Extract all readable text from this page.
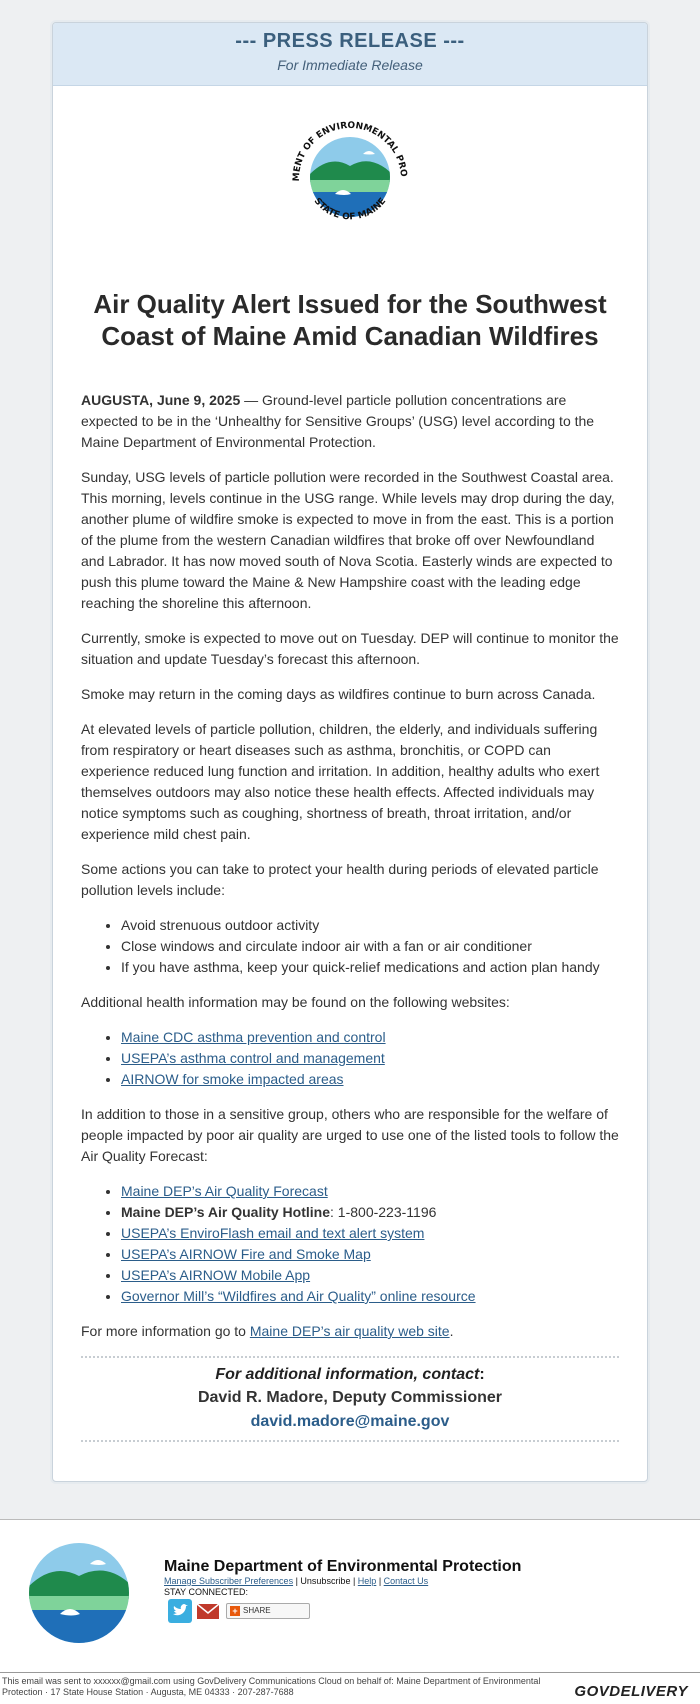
--- PRESS RELEASE ---
For Immediate Release
MENT OF ENVIRONMENTAL PRO
STATE OF MAINE
Air Quality Alert Issued for the Southwest Coast of Maine Amid Canadian Wildfires

AUGUSTA, June 9, 2025 — Ground-level particle pollution concentrations are expected to be in the ‘Unhealthy for Sensitive Groups’ (USG) level according to the Maine Department of Environmental Protection.

Sunday, USG levels of particle pollution were recorded in the Southwest Coastal area. This morning, levels continue in the USG range. While levels may drop during the day, another plume of wildfire smoke is expected to move in from the east. This is a portion of the plume from the western Canadian wildfires that broke off over Newfoundland and Labrador. It has now moved south of Nova Scotia. Easterly winds are expected to push this plume toward the Maine & New Hampshire coast with the leading edge reaching the shoreline this afternoon.

Currently, smoke is expected to move out on Tuesday. DEP will continue to monitor the situation and update Tuesday’s forecast this afternoon.

Smoke may return in the coming days as wildfires continue to burn across Canada.

At elevated levels of particle pollution, children, the elderly, and individuals suffering from respiratory or heart diseases such as asthma, bronchitis, or COPD can experience reduced lung function and irritation. In addition, healthy adults who exert themselves outdoors may also notice these health effects. Affected individuals may notice symptoms such as coughing, shortness of breath, throat irritation, and/or experience mild chest pain.

Some actions you can take to protect your health during periods of elevated particle pollution levels include:

• Avoid strenuous outdoor activity
• Close windows and circulate indoor air with a fan or air conditioner
• If you have asthma, keep your quick-relief medications and action plan handy

Additional health information may be found on the following websites:

• Maine CDC asthma prevention and control
• USEPA’s asthma control and management
• AIRNOW for smoke impacted areas

In addition to those in a sensitive group, others who are responsible for the welfare of people impacted by poor air quality are urged to use one of the listed tools to follow the Air Quality Forecast:

• Maine DEP’s Air Quality Forecast
• Maine DEP’s Air Quality Hotline: 1-800-223-1196
• USEPA’s EnviroFlash email and text alert system
• USEPA’s AIRNOW Fire and Smoke Map
• USEPA’s AIRNOW Mobile App
• Governor Mill’s “Wildfires and Air Quality” online resource

For more information go to Maine DEP’s air quality web site.

For additional information, contact:
David R. Madore, Deputy Commissioner
david.madore@maine.gov
Maine Department of Environmental Protection
Manage Subscriber Preferences | Unsubscribe | Help | Contact Us
STAY CONNECTED:
+ SHARE
This email was sent to xxxxxx@gmail.com using GovDelivery Communications Cloud on behalf of: Maine Department of Environmental Protection · 17 State House Station · Augusta, ME 04333 · 207-287-7688	GOVDELIVERY
